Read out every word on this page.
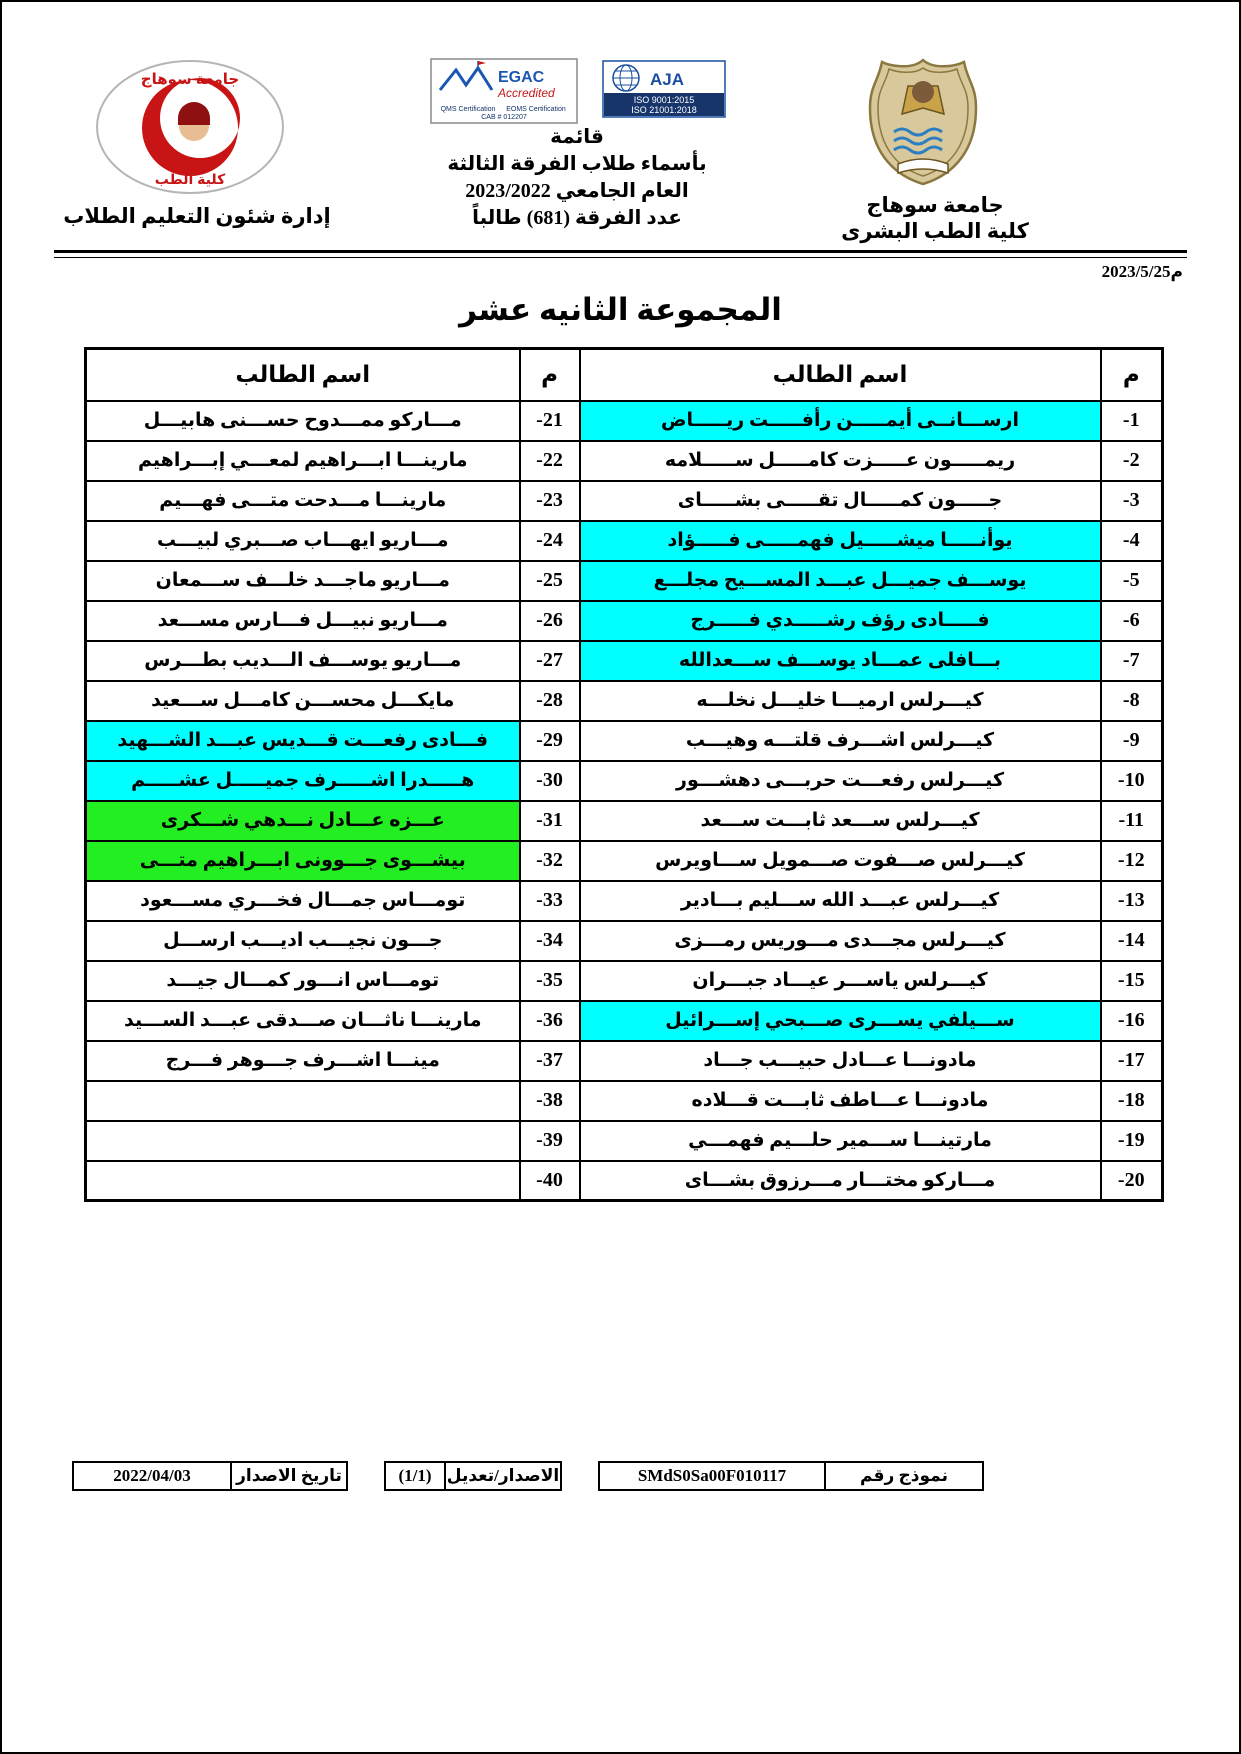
جامعة سوهاج
كلية الطب
إدارة شئون التعليم الطلاب
EGAC
Accredited
QMS Certification EOMS Certification
CAB # 012207
AJA
ISO 9001:2015
ISO 21001:2018
قائمة
بأسماء طلاب الفرقة الثالثة
العام الجامعي 2023/2022
عدد الفرقة (681) طالباً
جامعة سوهاج
كلية الطب البشرى
2023/5/25م
المجموعة الثانيه عشر
م	اسم الطالب	م	اسم الطالب
1-	ارســـانــى أيمـــــن رأفـــــت ريـــــاض	21-	مـــاركو ممـــدوح حســـنى هابيـــل
2-	ريمـــــون عـــــزت كامـــــل ســـــلامه	22-	مارينـــا ابـــراهيم لمعـــي إبـــراهيم
3-	جـــــون كمـــــال تقـــــى بشـــــاى	23-	مارينـــا مـــدحت متـــى فهـــيم
4-	يوأنـــــا ميشـــــيل فهمـــــى فـــــؤاد	24-	مـــاريو ايهـــاب صـــبري لبيـــب
5-	يوســـف جميـــل عبـــد المســـيح مجلـــع	25-	مـــاريو ماجـــد خلـــف ســـمعان
6-	فـــــادى رؤف رشـــــدي فـــــرج	26-	مـــاريو نبيـــل فـــارس مســـعد
7-	بـــافلى عمـــاد يوســـف ســـعدالله	27-	مـــاريو يوســـف الـــديب بطـــرس
8-	كيـــرلس ارميـــا خليـــل نخلـــه	28-	مايكـــل محســـن كامـــل ســـعيد
9-	كيـــرلس اشـــرف قلتـــه وهيـــب	29-	فـــادى رفعـــت قـــديس عبـــد الشـــهيد
10-	كيـــرلس رفعـــت حربـــى دهشـــور	30-	هـــــدرا اشـــــرف جميـــــل عشـــــم
11-	كيـــرلس ســـعد ثابـــت ســـعد	31-	عـــزه عـــادل نـــدهي شـــكرى
12-	كيـــرلس صـــفوت صـــمويل ســـاويرس	32-	بيشـــوى جـــوونى ابـــراهيم متـــى
13-	كيـــرلس عبـــد الله ســـليم بـــادير	33-	تومـــاس جمـــال فخـــري مســـعود
14-	كيـــرلس مجـــدى مـــوريس رمـــزى	34-	جـــون نجيـــب اديـــب ارســـل
15-	كيـــرلس ياســـر عيـــاد جبـــران	35-	تومـــاس انـــور كمـــال جيـــد
16-	ســـيلفي يســـرى صـــبحي إســـرائيل	36-	مارينـــا ناثـــان صـــدقى عبـــد الســـيد
17-	مادونـــا عـــادل حبيـــب جـــاد	37-	مينـــا اشـــرف جـــوهر فـــرج
18-	مادونـــا عـــاطف ثابـــت قـــلاده	38-	
19-	مارتينـــا ســـمير حلـــيم فهمـــي	39-	
20-	مـــاركو مختـــار مـــرزوق بشـــاى	40-	
نموذج رقم
SMdS0Sa00F010117
الاصدار/تعديل
(1/1)
تاريخ الاصدار
2022/04/03
